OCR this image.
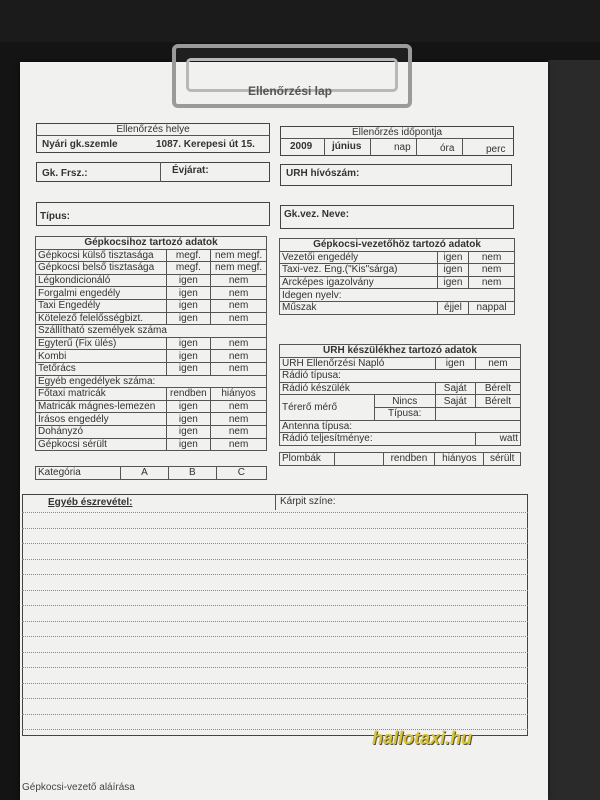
Ellenőrzési lap
Ellenőrzés helye
Nyári gk.szemle	1087. Kerepesi út 15.
Ellenőrzés időpontja
2009 június	nap	óra	perc
Gk. Frsz.:	Évjárat:	URH hívószám:
Típus:	Gk.vez. Neve:
Gépkocsihoz tartozó adatok		
Gépkocsi külső tisztasága	megf.	nem megf.
Gépkocsi belső tisztasága	megf.	nem megf.
Légkondicionáló	igen	nem
Forgalmi engedély	igen	nem
Taxi Engedély	igen	nem
Kötelező felelősségbizt.	igen	nem
Szállítható személyek száma		
Egyterű (Fix ülés)	igen	nem
Kombi	igen	nem
Tetőrács	igen	nem
Egyéb engedélyek száma:		
Főtaxi matricák	rendben	hiányos
Matricák mágnes-lemezen	igen	nem
Írásos engedély	igen	nem
Dohányzó	igen	nem
Gépkocsi sérült	igen	nem
Kategória	A	B	C
Gépkocsi-vezetőhöz tartozó adatok		
Vezetői engedély	igen	nem
Taxi-vez. Eng.("Kis"sárga)	igen	nem
Arcképes igazolvány	igen	nem
Idegen nyelv:		
Műszak	éjjel	nappal
URH készülékhez tartozó adatok			
URH Ellenőrzési Napló		igen	nem
Rádió típusa:			
Rádió készülék		Saját	Bérelt
Térerő mérő	Nincs	Saját	Bérelt
	Típusa:		
Antenna típusa:			
Rádió teljesítménye:			watt
Plombák		rendben	hiányos	sérült
Egyéb észrevétel:	Kárpit színe:
hallotaxi.hu
Gépkocsi-vezető aláírása
